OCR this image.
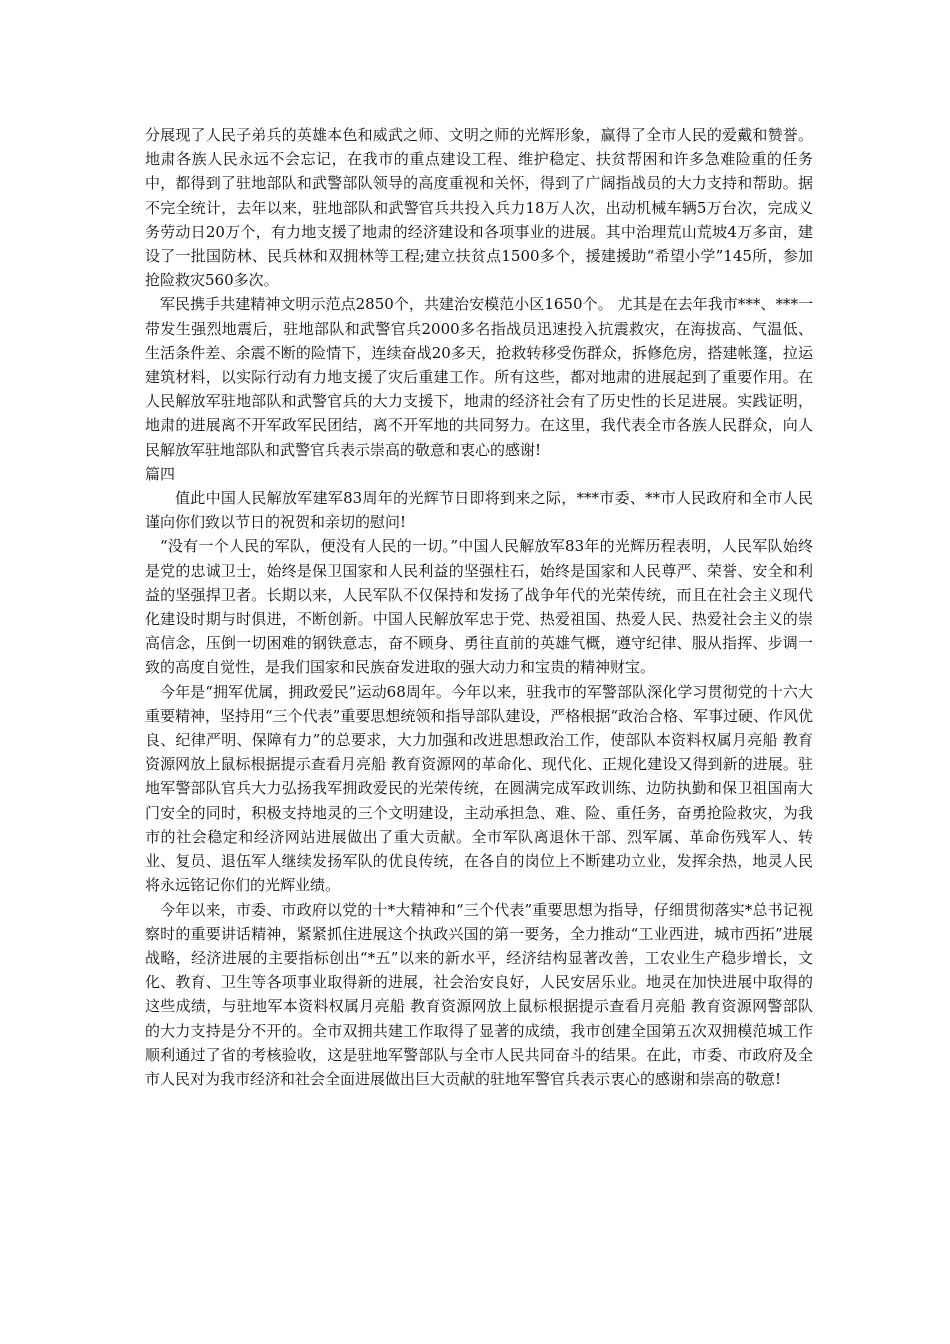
分展现了人民子弟兵的英雄本色和威武之师、文明之师的光辉形象，赢得了全市人民的爱戴和赞誉。地肃各族人民永远不会忘记，在我市的重点建设工程、维护稳定、扶贫帮困和许多急难险重的任务中，都得到了驻地部队和武警部队领导的高度重视和关怀，得到了广阔指战员的大力支持和帮助。据不完全统计，去年以来，驻地部队和武警官兵共投入兵力18万人次，出动机械车辆5万台次，完成义务劳动日20万个，有力地支援了地肃的经济建设和各项事业的进展。其中治理荒山荒坡4万多亩，建设了一批国防林、民兵林和双拥林等工程;建立扶贫点1500多个，援建援助“希望小学”145所，参加抢险救灾560多次。

军民携手共建精神文明示范点2850个，共建治安模范小区1650个。 尤其是在去年我市***、***一带发生强烈地震后，驻地部队和武警官兵2000多名指战员迅速投入抗震救灾，在海拔高、气温低、生活条件差、余震不断的险情下，连续奋战20多天，抢救转移受伤群众，拆修危房，搭建帐篷，拉运建筑材料，以实际行动有力地支援了灾后重建工作。所有这些，都对地肃的进展起到了重要作用。在人民解放军驻地部队和武警官兵的大力支援下，地肃的经济社会有了历史性的长足进展。实践证明，地肃的进展离不开军政军民团结，离不开军地的共同努力。在这里，我代表全市各族人民群众，向人民解放军驻地部队和武警官兵表示崇高的敬意和衷心的感谢!

篇四

值此中国人民解放军建军83周年的光辉节日即将到来之际，***市委、**市人民政府和全市人民谨向你们致以节日的祝贺和亲切的慰问!

“没有一个人民的军队，便没有人民的一切。”中国人民解放军83年的光辉历程表明，人民军队始终是党的忠诚卫士，始终是保卫国家和人民利益的坚强柱石，始终是国家和人民尊严、荣誉、安全和利益的坚强捍卫者。长期以来，人民军队不仅保持和发扬了战争年代的光荣传统，而且在社会主义现代化建设时期与时俱进，不断创新。中国人民解放军忠于党、热爱祖国、热爱人民、热爱社会主义的崇高信念，压倒一切困难的钢铁意志，奋不顾身、勇往直前的英雄气概，遵守纪律、服从指挥、步调一致的高度自觉性，是我们国家和民族奋发进取的强大动力和宝贵的精神财宝。

今年是“拥军优属，拥政爱民”运动68周年。今年以来，驻我市的军警部队深化学习贯彻党的十六大重要精神，坚持用“三个代表”重要思想统领和指导部队建设，严格根据“政治合格、军事过硬、作风优良、纪律严明、保障有力”的总要求，大力加强和改进思想政治工作，使部队本资料权属月亮船 教育资源网放上鼠标根据提示查看月亮船 教育资源网的革命化、现代化、正规化建设又得到新的进展。驻地军警部队官兵大力弘扬我军拥政爱民的光荣传统，在圆满完成军政训练、边防执勤和保卫祖国南大门安全的同时，积极支持地灵的三个文明建设，主动承担急、难、险、重任务，奋勇抢险救灾，为我市的社会稳定和经济网站进展做出了重大贡献。全市军队离退休干部、烈军属、革命伤残军人、转业、复员、退伍军人继续发扬军队的优良传统，在各自的岗位上不断建功立业，发挥余热，地灵人民将永远铭记你们的光辉业绩。

今年以来，市委、市政府以党的十*大精神和“三个代表”重要思想为指导，仔细贯彻落实*总书记视察时的重要讲话精神，紧紧抓住进展这个执政兴国的第一要务，全力推动“工业西进，城市西拓”进展战略，经济进展的主要指标创出“*五”以来的新水平，经济结构显著改善，工农业生产稳步增长，文化、教育、卫生等各项事业取得新的进展，社会治安良好，人民安居乐业。地灵在加快进展中取得的这些成绩，与驻地军本资料权属月亮船 教育资源网放上鼠标根据提示查看月亮船 教育资源网警部队的大力支持是分不开的。全市双拥共建工作取得了显著的成绩，我市创建全国第五次双拥模范城工作顺利通过了省的考核验收，这是驻地军警部队与全市人民共同奋斗的结果。在此，市委、市政府及全市人民对为我市经济和社会全面进展做出巨大贡献的驻地军警官兵表示衷心的感谢和崇高的敬意!
